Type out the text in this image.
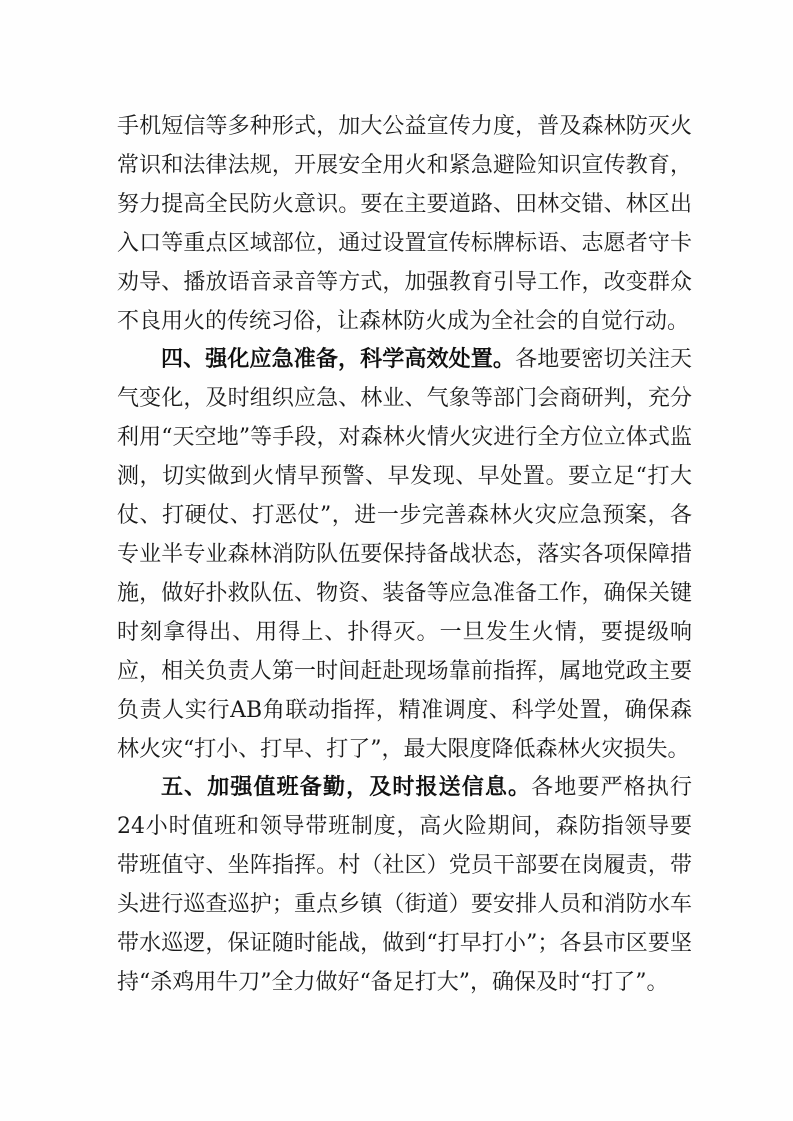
手机短信等多种形式，加大公益宣传力度，普及森林防灭火常识和法律法规，开展安全用火和紧急避险知识宣传教育，努力提高全民防火意识。要在主要道路、田林交错、林区出入口等重点区域部位，通过设置宣传标牌标语、志愿者守卡劝导、播放语音录音等方式，加强教育引导工作，改变群众不良用火的传统习俗，让森林防火成为全社会的自觉行动。

四、强化应急准备，科学高效处置。各地要密切关注天气变化，及时组织应急、林业、气象等部门会商研判，充分利用“天空地”等手段，对森林火情火灾进行全方位立体式监测，切实做到火情早预警、早发现、早处置。要立足“打大仗、打硬仗、打恶仗”，进一步完善森林火灾应急预案，各专业半专业森林消防队伍要保持备战状态，落实各项保障措施，做好扑救队伍、物资、装备等应急准备工作，确保关键时刻拿得出、用得上、扑得灭。一旦发生火情，要提级响应，相关负责人第一时间赶赴现场靠前指挥，属地党政主要负责人实行AB角联动指挥，精准调度、科学处置，确保森林火灾“打小、打早、打了”，最大限度降低森林火灾损失。

五、加强值班备勤，及时报送信息。各地要严格执行24小时值班和领导带班制度，高火险期间，森防指领导要带班值守、坐阵指挥。村（社区）党员干部要在岗履责，带头进行巡查巡护；重点乡镇（街道）要安排人员和消防水车带水巡逻，保证随时能战，做到“打早打小”；各县市区要坚持“杀鸡用牛刀”全力做好“备足打大”，确保及时“打了”。
